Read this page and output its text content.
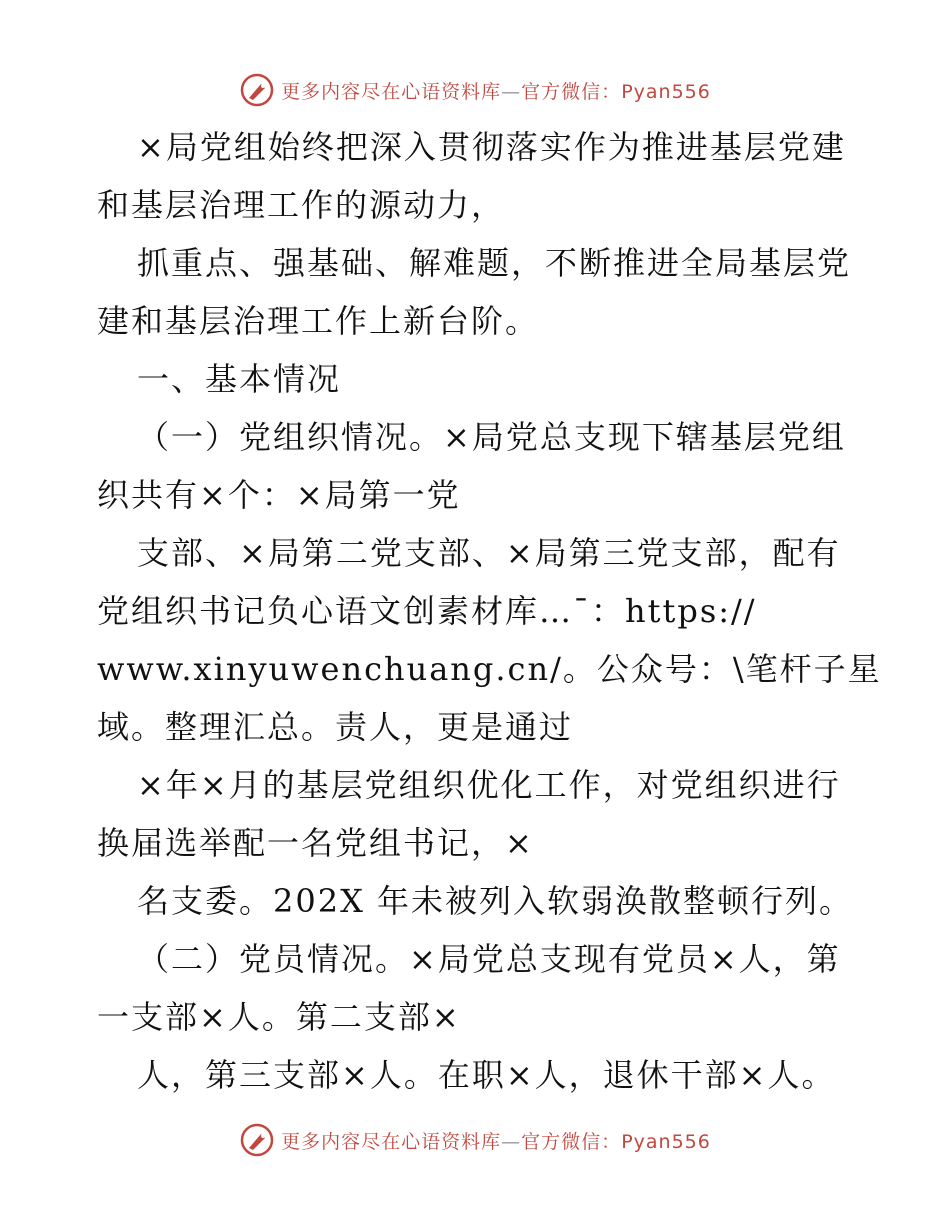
更多内容尽在心语资料库—官方微信：Pyan556
×局党组始终把深入贯彻落实作为推进基层党建
和基层治理工作的源动力，
抓重点、强基础、解难题，不断推进全局基层党
建和基层治理工作上新台阶。
一、基本情况
（一）党组织情况。×局党总支现下辖基层党组
织共有×个：×局第一党
支部、×局第二党支部、×局第三党支部，配有
党组织书记负心语文创素材库…¯：https://
www.xinyuwenchuang.cn/。公众号：\笔杆子星
域。整理汇总。责人，更是通过
×年×月的基层党组织优化工作，对党组织进行
换届选举配一名党组书记，×
名支委。202X 年未被列入软弱涣散整顿行列。
（二）党员情况。×局党总支现有党员×人，第
一支部×人。第二支部×
人，第三支部×人。在职×人，退休干部×人。
更多内容尽在心语资料库—官方微信：Pyan556
